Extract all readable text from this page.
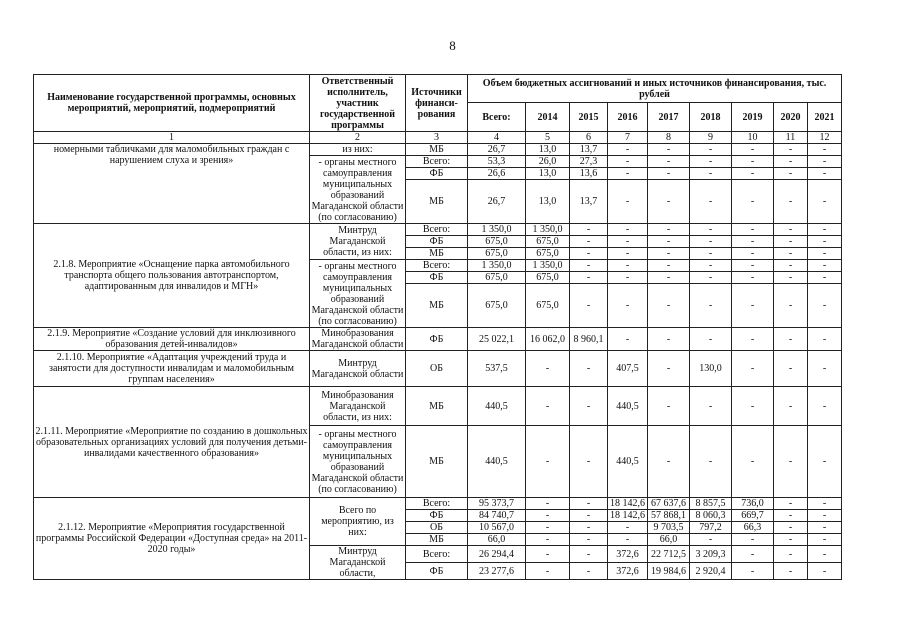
8
Наименование государственной программы, основных мероприятий, мероприятий, подмероприятий	Ответственный исполнитель, участник государственной программы	Источники финанси-рования	Объем бюджетных ассигнований и иных источников финансирования, тыс. рублей								
			Всего:	2014	2015	2016	2017	2018	2019	2020	2021
1	2	3	4	5	6	7	8	9	10	11	12
номерными табличками для маломобильных граждан с нарушением слуха и зрения»	из них:	МБ	26,7	13,0	13,7	-	-	-	-	-	-
	- органы местного самоуправления муниципальных образований Магаданской области (по согласованию)	Всего:	53,3	26,0	27,3	-	-	-	-	-	-
		ФБ	26,6	13,0	13,6	-	-	-	-	-	-
		МБ	26,7	13,0	13,7	-	-	-	-	-	-
2.1.8. Мероприятие «Оснащение парка автомобильного транспорта общего пользования автотранспортом, адаптированным для инвалидов и МГН»	Минтруд Магаданской области, из них:	Всего:	1 350,0	1 350,0	-	-	-	-	-	-	-
		ФБ	675,0	675,0	-	-	-	-	-	-	-
		МБ	675,0	675,0	-	-	-	-	-	-	-
	- органы местного самоуправления муниципальных образований Магаданской области (по согласованию)	Всего:	1 350,0	1 350,0	-	-	-	-	-	-	-
		ФБ	675,0	675,0	-	-	-	-	-	-	-
		МБ	675,0	675,0	-	-	-	-	-	-	-
2.1.9. Мероприятие «Создание условий для инклюзивного образования детей-инвалидов»	Минобразования Магаданской области	ФБ	25 022,1	16 062,0	8 960,1	-	-	-	-	-	-
2.1.10. Мероприятие «Адаптация учреждений труда и занятости для доступности инвалидам и маломобильным группам населения»	Минтруд Магаданской области	ОБ	537,5	-	-	407,5	-	130,0	-	-	-
2.1.11. Мероприятие «Мероприятие по созданию в дошкольных образовательных организациях условий для получения детьми-инвалидами качественного образования»	Минобразования Магаданской области, из них:	МБ	440,5	-	-	440,5	-	-	-	-	-
	- органы местного самоуправления муниципальных образований Магаданской области (по согласованию)	МБ	440,5	-	-	440,5	-	-	-	-	-
2.1.12. Мероприятие «Мероприятия государственной программы Российской Федерации «Доступная среда» на 2011-2020 годы»	Всего по мероприятию, из них:	Всего:	95 373,7	-	-	18 142,6	67 637,6	8 857,5	736,0	-	-
		ФБ	84 740,7	-	-	18 142,6	57 868,1	8 060,3	669,7	-	-
		ОБ	10 567,0	-	-	-	9 703,5	797,2	66,3	-	-
		МБ	66,0	-	-	-	66,0	-	-	-	-
	Минтруд Магаданской области,	Всего:	26 294,4	-	-	372,6	22 712,5	3 209,3	-	-	-
		ФБ	23 277,6	-	-	372,6	19 984,6	2 920,4	-	-	-
